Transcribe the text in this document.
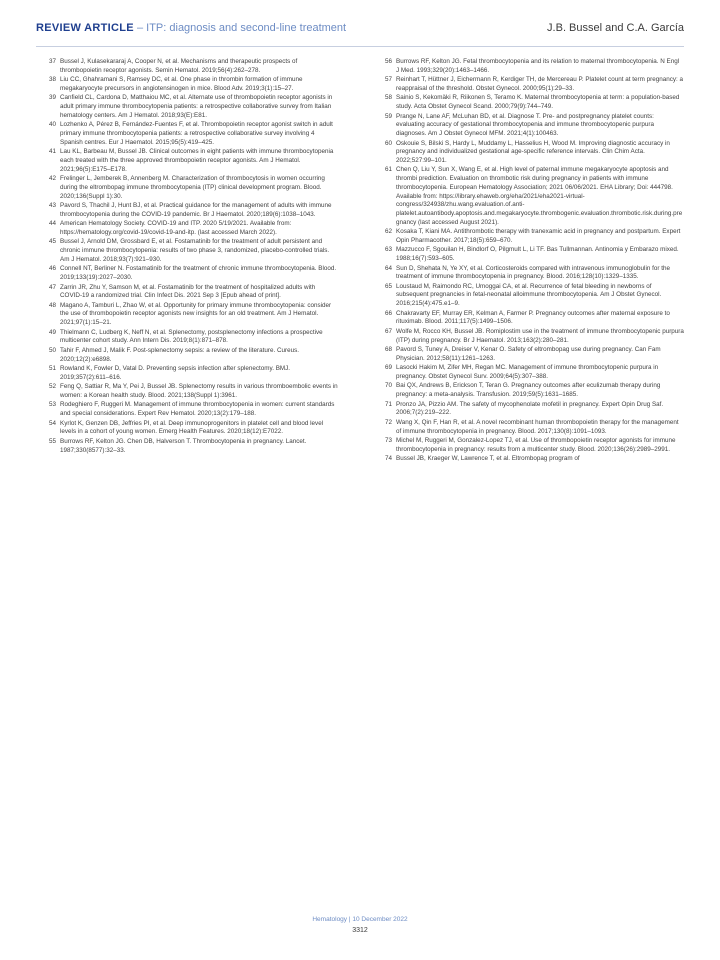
REVIEW ARTICLE – ITP: diagnosis and second-line treatment	J.B. Bussel and C.A. García
37 Bussel J, Kulasekararaj A, Cooper N, et al. Mechanisms and therapeutic prospects of thrombopoietin receptor agonists. Semin Hematol. 2019;56(4):262–278.
38 Liu CC, Ghahramani S, Ramsey DC, et al. One phase in thrombin formation of immune megakaryocyte precursors in angiotensinogen in mice. Blood Adv. 2019;3(1):15–27.
39 Canfield CL, Cardona D, Matthaiou MC, et al. Alternate use of thrombopoietin receptor agonists in adult primary immune thrombocytopenia patients: a retrospective collaborative survey from Italian hematology centers. Am J Hematol. 2018;93(E):E81.
40 Lozhenko A, Pérez B, Fernández-Fuentes F, et al. Thrombopoietin receptor agonist switch in adult primary immune thrombocytopenia patients: a retrospective collaborative survey involving 4 Spanish centres. Eur J Haematol. 2015;95(5):419–425.
41 Lau KL, Barbeau M, Bussel JB. Clinical outcomes in eight patients with immune thrombocytopenia each treated with the three approved thrombopoietin receptor agonists. Am J Hematol. 2021;96(5):E175–E178.
42 Frelinger L, Jemberek B, Annenberg M. Characterization of thrombocytosis in women occurring during the eltrombopag immune thrombocytopenia (ITP) clinical development program. Blood. 2020;136(Suppl 1):30.
43 Pavord S, Thachil J, Hunt BJ, et al. Practical guidance for the management of adults with immune thrombocytopenia during the COVID-19 pandemic. Br J Haematol. 2020;189(6):1038–1043.
44 American Hematology Society. COVID-19 and ITP. 2020 5/19/2021. Available from: https://hematology.org/covid-19/covid-19-and-itp. (last accessed March 2022).
45 Bussel J, Arnold DM, Grossbard E, et al. Fostamatinib for the treatment of adult persistent and chronic immune thrombocytopenia: results of two phase 3, randomized, placebo-controlled trials. Am J Hematol. 2018;93(7):921–930.
46 Connell NT, Berliner N. Fostamatinib for the treatment of chronic immune thrombocytopenia. Blood. 2019;133(19):2027–2030.
47 Zarrin JR, Zhu Y, Samson M, et al. Fostamatinib for the treatment of hospitalized adults with COVID-19 a randomized trial. Clin Infect Dis. 2021 Sep 3 [Epub ahead of print].
48 Magano A, Tamburi L, Zhao W, et al. Opportunity for primary immune thrombocytopenia: consider the use of thrombopoietin receptor agonists new insights for an old treatment. Am J Hematol. 2021;97(1):15–21.
49 Thielmann C, Ludberg K, Neff N, et al. Splenectomy, postsplenectomy infections a prospective multicenter cohort study. Ann Intern Dis. 2019;8(1):871–878.
50 Tahir F, Ahmed J, Malik F. Post-splenectomy sepsis: a review of the literature. Cureus. 2020;12(2):e6898.
51 Rowland K, Fowler D, Vatal D. Preventing sepsis infection after splenectomy. BMJ. 2019;357(2):611–616.
52 Feng Q, Sattiar R, Ma Y, Pei J, Bussel JB. Splenectomy results in various thromboembolic events in women: a Korean health study. Blood. 2021;138(Suppl 1):3961.
53 Rodeghiero F, Ruggeri M. Management of immune thrombocytopenia in women: current standards and special considerations. Expert Rev Hematol. 2020;13(2):179–188.
54 Kyrlot K, Genzen DB, Jeffries PI, et al. Deep immunoprogenitors in platelet cell and blood level levels in a cohort of young women. Emerg Health Features. 2020;18(12):E7022.
55 Burrows RF, Kelton JG. Chen DB, Halverson T. Thrombocytopenia in pregnancy. Lancet. 1987;330(8577):32–33.
56 Burrows RF, Kelton JG. Fetal thrombocytopenia and its relation to maternal thrombocytopenia. N Engl J Med. 1993;329(20):1463–1466.
57 Reinhart T, Hüttner J, Eichermann R, Kerdiger TH, de Mercereau P. Platelet count at term pregnancy: a reappraisal of the threshold. Obstet Gynecol. 2000;95(1):29–33.
58 Sainio S, Kekomäki R, Riikonen S, Teramo K. Maternal thrombocytopenia at term: a population-based study. Acta Obstet Gynecol Scand. 2000;79(9):744–749.
59 Prange N, Lane AF, McLuhan BD, et al. Diagnose T. Pre- and postpregnancy platelet counts: evaluating accuracy of gestational thrombocytopenia and immune thrombocytopenic purpura diagnoses. Am J Obstet Gynecol MFM. 2021;4(1):100463.
60 Oskouie S, Bilski S, Hardy L, Muddamy L, Hasselius H, Wood M. Improving diagnostic accuracy in pregnancy and individualized gestational age-specific reference intervals. Clin Chim Acta. 2022;527:99–101.
61 Chen Q, Liu Y, Sun X, Wang E, et al. High level of paternal immune megakaryocyte apoptosis and thrombi prediction. Evaluation on thrombotic risk during pregnancy in patients with immune thrombocytopenia. European Hematology Association; 2021 06/06/2021. EHA Library; Doi: 444798. Available from: https://library.ehaweb.org/eha/2021/eha2021-virtual-congress/324938/zhu.wang.evaluation.of.anti-platelet.autoantibody.apoptosis.and.megakaryocyte.thrombogenic.evaluation.thrombotic.risk.during.pregnancy (last accessed August 2021).
62 Kosaka T, Kiani MA. Antithrombotic therapy with tranexamic acid in pregnancy and postpartum. Expert Opin Pharmacother. 2017;18(5):659–670.
63 Mazzucco F, Sgouilan H, Bindlorf O, Pilgmult L, Li TF. Bas Tullmannan. Antinomia y Embarazo mixed. 1988;16(7):593–605.
64 Sun D, Shehata N, Ye XY, et al. Corticosteroids compared with intravenous immunoglobulin for the treatment of immune thrombocytopenia in pregnancy. Blood. 2016;128(10):1329–1335.
65 Loustaud M, Raimondo RC, Umoggai CA, et al. Recurrence of fetal bleeding in newborns of subsequent pregnancies in fetal-neonatal alloimmune thrombocytopenia. Am J Obstet Gynecol. 2016;215(4):475.e1–9.
66 Chakravarty EF, Murray ER, Kelman A, Farmer P. Pregnancy outcomes after maternal exposure to rituximab. Blood. 2011;117(5):1499–1506.
67 Wolfe M, Rocco KH, Bussel JB. Romiplostim use in the treatment of immune thrombocytopenic purpura (ITP) during pregnancy. Br J Haematol. 2013;163(2):280–281.
68 Pavord S, Tuney A, Dreiser V, Kenar O. Safety of eltrombopag use during pregnancy. Can Fam Physician. 2012;58(11):1261–1263.
69 Lasocki Hakim M, Zifer MH, Regan MC. Management of immune thrombocytopenic purpura in pregnancy. Obstet Gynecol Surv. 2009;64(5):307–388.
70 Bai QX, Andrews B, Erickson T, Teran G. Pregnancy outcomes after eculizumab therapy during pregnancy: a meta-analysis. Transfusion. 2019;59(5):1631–1685.
71 Pronzo JA, Pizzio AM. The safety of mycophenolate mofetil in pregnancy. Expert Opin Drug Saf. 2006;7(2):219–222.
72 Wang X, Qin F, Han R, et al. A novel recombinant human thrombopoietin therapy for the management of immune thrombocytopenia in pregnancy. Blood. 2017;130(8):1091–1093.
73 Michel M, Ruggeri M, Gonzalez-Lopez TJ, et al. Use of thrombopoietin receptor agonists for immune thrombocytopenia in pregnancy: results from a multicenter study. Blood. 2020;136(26):2989–2991.
74 Bussel JB, Kraeger W, Lawrence T, et al. Eltrombopag program of
Hematology | 10 December 2022
3312
